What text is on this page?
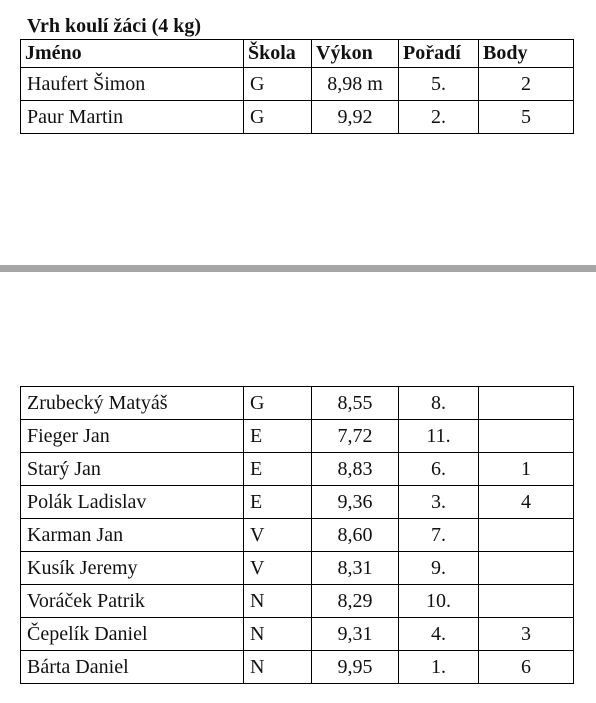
Vrh koulí žáci (4 kg)
Jméno	Škola	Výkon	Pořadí	Body
Haufert Šimon	G	8,98 m	5.	2
Paur Martin	G	9,92	2.	5
Zrubecký Matyáš	G	8,55	8.	
Fieger Jan	E	7,72	11.	
Starý Jan	E	8,83	6.	1
Polák Ladislav	E	9,36	3.	4
Karman Jan	V	8,60	7.	
Kusík Jeremy	V	8,31	9.	
Voráček Patrik	N	8,29	10.	
Čepelík Daniel	N	9,31	4.	3
Bárta Daniel	N	9,95	1.	6
